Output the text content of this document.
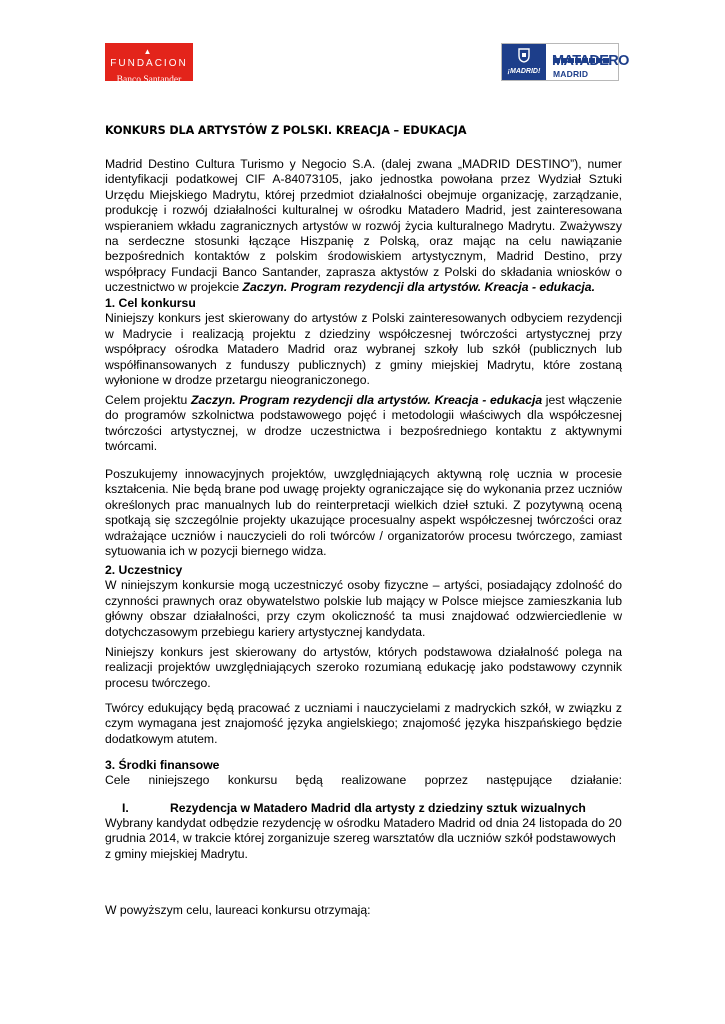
▲FUNDACION
Banco Santander
¡MADRID!
MATADERO
MADRID
KONKURS DLA ARTYSTÓW Z POLSKI. KREACJA – EDUKACJA

Madrid Destino Cultura Turismo y Negocio S.A. (dalej zwana „MADRID DESTINO”), numer

identyfikacji podatkowej CIF A-84073105, jako jednostka powołana przez Wydział Sztuki

Urzędu Miejskiego Madrytu, której przedmiot działalności obejmuje organizację, zarządzanie,

produkcję i rozwój działalności kulturalnej w ośrodku Matadero Madrid, jest zainteresowana

wspieraniem wkładu zagranicznych artystów w rozwój życia kulturalnego Madrytu. Zważywszy

na serdeczne stosunki łączące Hiszpanię z Polską, oraz mając na celu nawiązanie

bezpośrednich kontaktów z polskim środowiskiem artystycznym, Madrid Destino, przy

współpracy Fundacji Banco Santander, zaprasza aktystów z Polski do składania wniosków o

uczestnictwo w projekcie Zaczyn. Program rezydencji dla artystów. Kreacja - edukacja.

1. Cel konkursu

Niniejszy konkurs jest skierowany do artystów z Polski zainteresowanych odbyciem rezydencji

w Madrycie i realizacją projektu z dziedziny współczesnej twórczości artystycznej przy

współpracy ośrodka Matadero Madrid oraz wybranej szkoły lub szkół (publicznych lub

współfinansowanych z funduszy publicznych) z gminy miejskiej Madrytu, które zostaną

wyłonione w drodze przetargu nieograniczonego.

Celem projektu Zaczyn. Program rezydencji dla artystów. Kreacja - edukacja jest włączenie

do programów szkolnictwa podstawowego pojęć i metodologii właściwych dla współczesnej

twórczości artystycznej, w drodze uczestnictwa i bezpośredniego kontaktu z aktywnymi

twórcami.

Poszukujemy innowacyjnych projektów, uwzględniających aktywną rolę ucznia w procesie

kształcenia. Nie będą brane pod uwagę projekty ograniczające się do wykonania przez uczniów

określonych prac manualnych lub do reinterpretacji wielkich dzieł sztuki. Z pozytywną oceną

spotkają się szczególnie projekty ukazujące procesualny aspekt współczesnej twórczości oraz

wdrażające uczniów i nauczycieli do roli twórców / organizatorów procesu twórczego, zamiast

sytuowania ich w pozycji biernego widza.

2. Uczestnicy

W niniejszym konkursie mogą uczestniczyć osoby fizyczne – artyści, posiadający zdolność do

czynności prawnych oraz obywatelstwo polskie lub mający w Polsce miejsce zamieszkania lub

główny obszar działalności, przy czym okoliczność ta musi znajdować odzwierciedlenie w

dotychczasowym przebiegu kariery artystycznej kandydata.

Niniejszy konkurs jest skierowany do artystów, których podstawowa działalność polega na

realizacji projektów uwzględniających szeroko rozumianą edukację jako podstawowy czynnik

procesu twórczego.

Twórcy edukujący będą pracować z uczniami i nauczycielami z madryckich szkół, w związku z

czym wymagana jest znajomość języka angielskiego; znajomość języka hiszpańskiego będzie

dodatkowym atutem.

3. Środki finansowe

Cele niniejszego konkursu będą realizowane poprzez następujące działanie:

I.	Rezydencja w Matadero Madrid dla artysty z dziedziny sztuk wizualnych

Wybrany kandydat odbędzie rezydencję w ośrodku Matadero Madrid od dnia 24 listopada do 20

grudnia 2014, w trakcie której zorganizuje szereg warsztatów dla uczniów szkół podstawowych

z gminy miejskiej Madrytu.

W powyższym celu, laureaci konkursu otrzymają:
